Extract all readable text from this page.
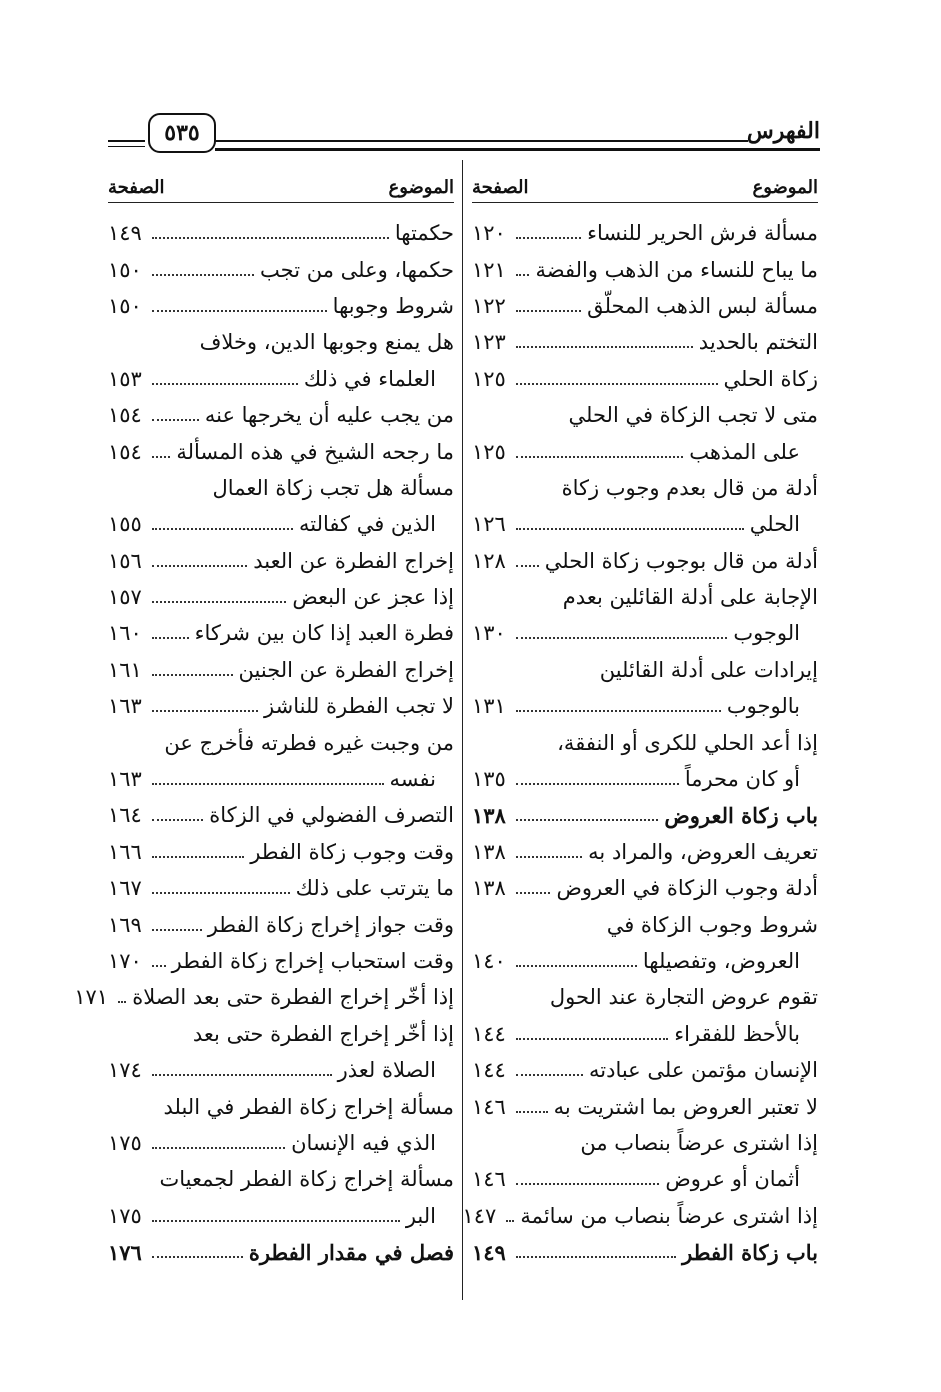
الفهرس
٥٣٥
الموضوع
الصفحة
مسألة فرش الحرير للنساء
١٢٠
ما يباح للنساء من الذهب والفضة
١٢١
مسألة لبس الذهب المحلّق
١٢٢
التختم بالحديد
١٢٣
زكاة الحلي
١٢٥
متى لا تجب الزكاة في الحلي
على المذهب
١٢٥
أدلة من قال بعدم وجوب زكاة
الحلي
١٢٦
أدلة من قال بوجوب زكاة الحلي
١٢٨
الإجابة على أدلة القائلين بعدم
الوجوب
١٣٠
إيرادات على أدلة القائلين
بالوجوب
١٣١
إذا أعد الحلي للكرى أو النفقة،
أو كان محرماً
١٣٥
باب زكاة العروض
١٣٨
تعريف العروض، والمراد به
١٣٨
أدلة وجوب الزكاة في العروض
١٣٨
شروط وجوب الزكاة في
العروض، وتفصيلها
١٤٠
تقوم عروض التجارة عند الحول
بالأحظ للفقراء
١٤٤
الإنسان مؤتمن على عبادته
١٤٤
لا تعتبر العروض بما اشتريت به
١٤٦
إذا اشترى عرضاً بنصاب من
أثمان أو عروض
١٤٦
إذا اشترى عرضاً بنصاب من سائمة
١٤٧
باب زكاة الفطر
١٤٩
الموضوع
الصفحة
حكمتها
١٤٩
حكمها، وعلى من تجب
١٥٠
شروط وجوبها
١٥٠
هل يمنع وجوبها الدين، وخلاف
العلماء في ذلك
١٥٣
من يجب عليه أن يخرجها عنه
١٥٤
ما رجحه الشيخ في هذه المسألة
١٥٤
مسألة هل تجب زكاة العمال
الذين في كفالته
١٥٥
إخراج الفطرة عن العبد
١٥٦
إذا عجز عن البعض
١٥٧
فطرة العبد إذا كان بين شركاء
١٦٠
إخراج الفطرة عن الجنين
١٦١
لا تجب الفطرة للناشز
١٦٣
من وجبت غيره فطرته فأخرج عن
نفسه
١٦٣
التصرف الفضولي في الزكاة
١٦٤
وقت وجوب زكاة الفطر
١٦٦
ما يترتب على ذلك
١٦٧
وقت جواز إخراج زكاة الفطر
١٦٩
وقت استحباب إخراج زكاة الفطر
١٧٠
إذا أخّر إخراج الفطرة حتى بعد الصلاة
١٧١
إذا أخّر إخراج الفطرة حتى بعد
الصلاة لعذر
١٧٤
مسألة إخراج زكاة الفطر في البلد
الذي فيه الإنسان
١٧٥
مسألة إخراج زكاة الفطر لجمعيات
البر
١٧٥
فصل في مقدار الفطرة
١٧٦
